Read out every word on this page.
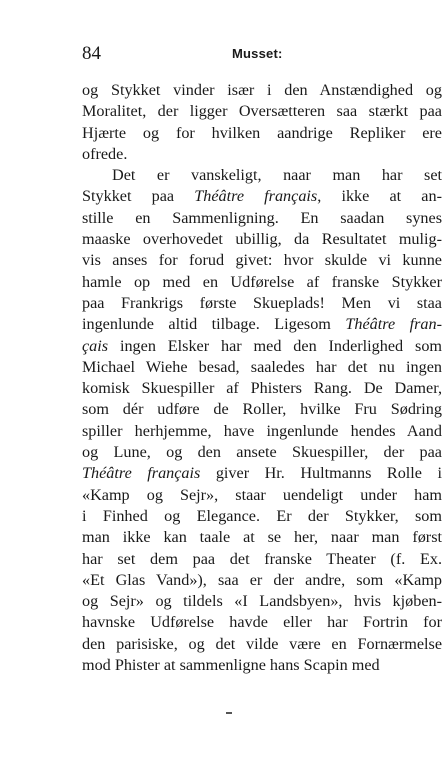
84	Musset:
og Stykket vinder især i den Anstændighed og
Moralitet, der ligger Oversætteren saa stærkt paa
Hjærte og for hvilken aandrige Repliker ere
ofrede.
Det er vanskeligt, naar man har set
Stykket paa Théâtre français, ikke at an-
stille en Sammenligning. En saadan synes
maaske overhovedet ubillig, da Resultatet mulig-
vis anses for forud givet: hvor skulde vi kunne
hamle op med en Udførelse af franske Stykker
paa Frankrigs første Skueplads! Men vi staa
ingenlunde altid tilbage. Ligesom Théâtre fran-
çais ingen Elsker har med den Inderlighed som
Michael Wiehe besad, saaledes har det nu ingen
komisk Skuespiller af Phisters Rang. De Damer,
som dér udføre de Roller, hvilke Fru Sødring
spiller herhjemme, have ingenlunde hendes Aand
og Lune, og den ansete Skuespiller, der paa
Théâtre français giver Hr. Hultmanns Rolle i
«Kamp og Sejr», staar uendeligt under ham
i Finhed og Elegance. Er der Stykker, som
man ikke kan taale at se her, naar man først
har set dem paa det franske Theater (f. Ex.
«Et Glas Vand»), saa er der andre, som «Kamp
og Sejr» og tildels «I Landsbyen», hvis kjøben-
havnske Udførelse havde eller har Fortrin for
den parisiske, og det vilde være en Fornærmelse
mod Phister at sammenligne hans Scapin med
